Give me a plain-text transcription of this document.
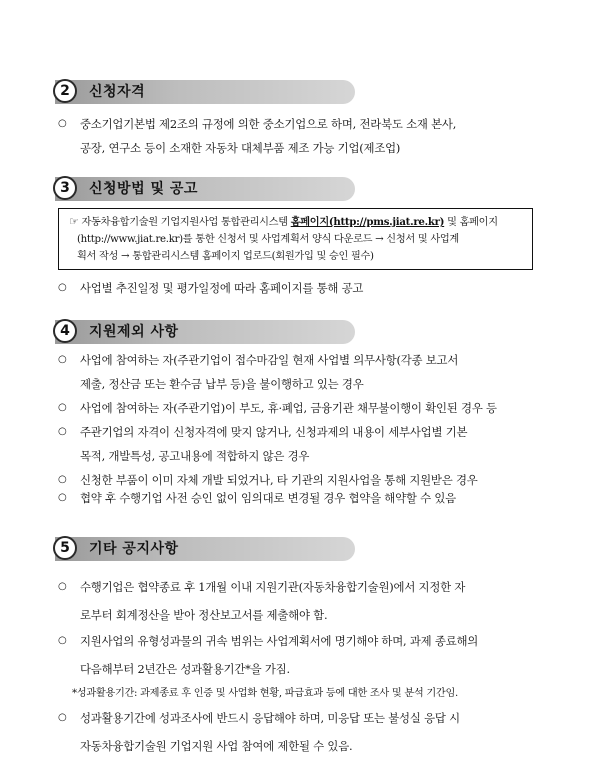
2	신청자격
○	중소기업기본법 제2조의 규정에 의한 중소기업으로 하며, 전라북도 소재 본사,
공장, 연구소 등이 소재한 자동차 대체부품 제조 가능 기업(제조업)
3	신청방법 및 공고
☞ 자동차융합기술원 기업지원사업 통합관리시스템 홈페이지(http://pms.jiat.re.kr) 및 홈페이지
(http://www.jiat.re.kr)를 통한 신청서 및 사업계획서 양식 다운로드 → 신청서 및 사업계
획서 작성 → 통합관리시스템 홈페이지 업로드(회원가입 및 승인 필수)
○	사업별 추진일정 및 평가일정에 따라 홈페이지를 통해 공고
4	지원제외 사항
○	사업에 참여하는 자(주관기업이 접수마감일 현재 사업별 의무사항(각종 보고서
제출, 정산금 또는 환수금 납부 등)을 불이행하고 있는 경우
○	사업에 참여하는 자(주관기업)이 부도, 휴·폐업, 금융기관 채무불이행이 확인된 경우 등
○	주관기업의 자격이 신청자격에 맞지 않거나, 신청과제의 내용이 세부사업별 기본
목적, 개발특성, 공고내용에 적합하지 않은 경우
○	신청한 부품이 이미 자체 개발 되었거나, 타 기관의 지원사업을 통해 지원받은 경우
○	협약 후 수행기업 사전 승인 없이 임의대로 변경될 경우 협약을 해약할 수 있음
5	기타 공지사항
○	수행기업은 협약종료 후 1개월 이내 지원기관(자동차융합기술원)에서 지정한 자
로부터 회계정산을 받아 정산보고서를 제출해야 함.
○	지원사업의 유형성과물의 귀속 범위는 사업계획서에 명기해야 하며, 과제 종료해의
다음해부터 2년간은 성과활용기간*을 가짐.
*성과활용기간: 과제종료 후 인증 및 사업화 현황, 파급효과 등에 대한 조사 및 분석 기간임.
○	성과활용기간에 성과조사에 반드시 응답해야 하며, 미응답 또는 불성실 응답 시
자동차융합기술원 기업지원 사업 참여에 제한될 수 있음.
